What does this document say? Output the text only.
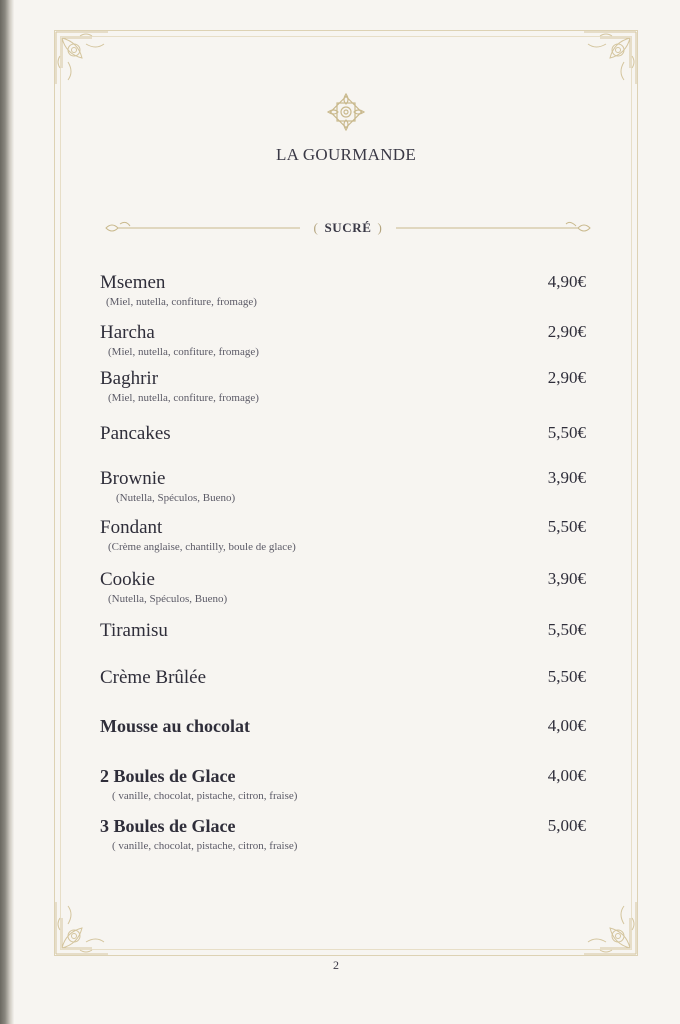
LA GOURMANDE
( SUCRÉ )
Msemen	4,90€
(Miel, nutella, confiture, fromage)
Harcha	2,90€
(Miel, nutella, confiture, fromage)
Baghrir	2,90€
(Miel, nutella, confiture, fromage)
Pancakes	5,50€
Brownie	3,90€
(Nutella, Spéculos, Bueno)
Fondant	5,50€
(Crème anglaise, chantilly, boule de glace)
Cookie	3,90€
(Nutella, Spéculos, Bueno)
Tiramisu	5,50€
Crème Brûlée	5,50€
Mousse au chocolat	4,00€
2 Boules de Glace	4,00€
( vanille, chocolat, pistache, citron, fraise)
3 Boules de Glace	5,00€
( vanille, chocolat, pistache, citron, fraise)
2
